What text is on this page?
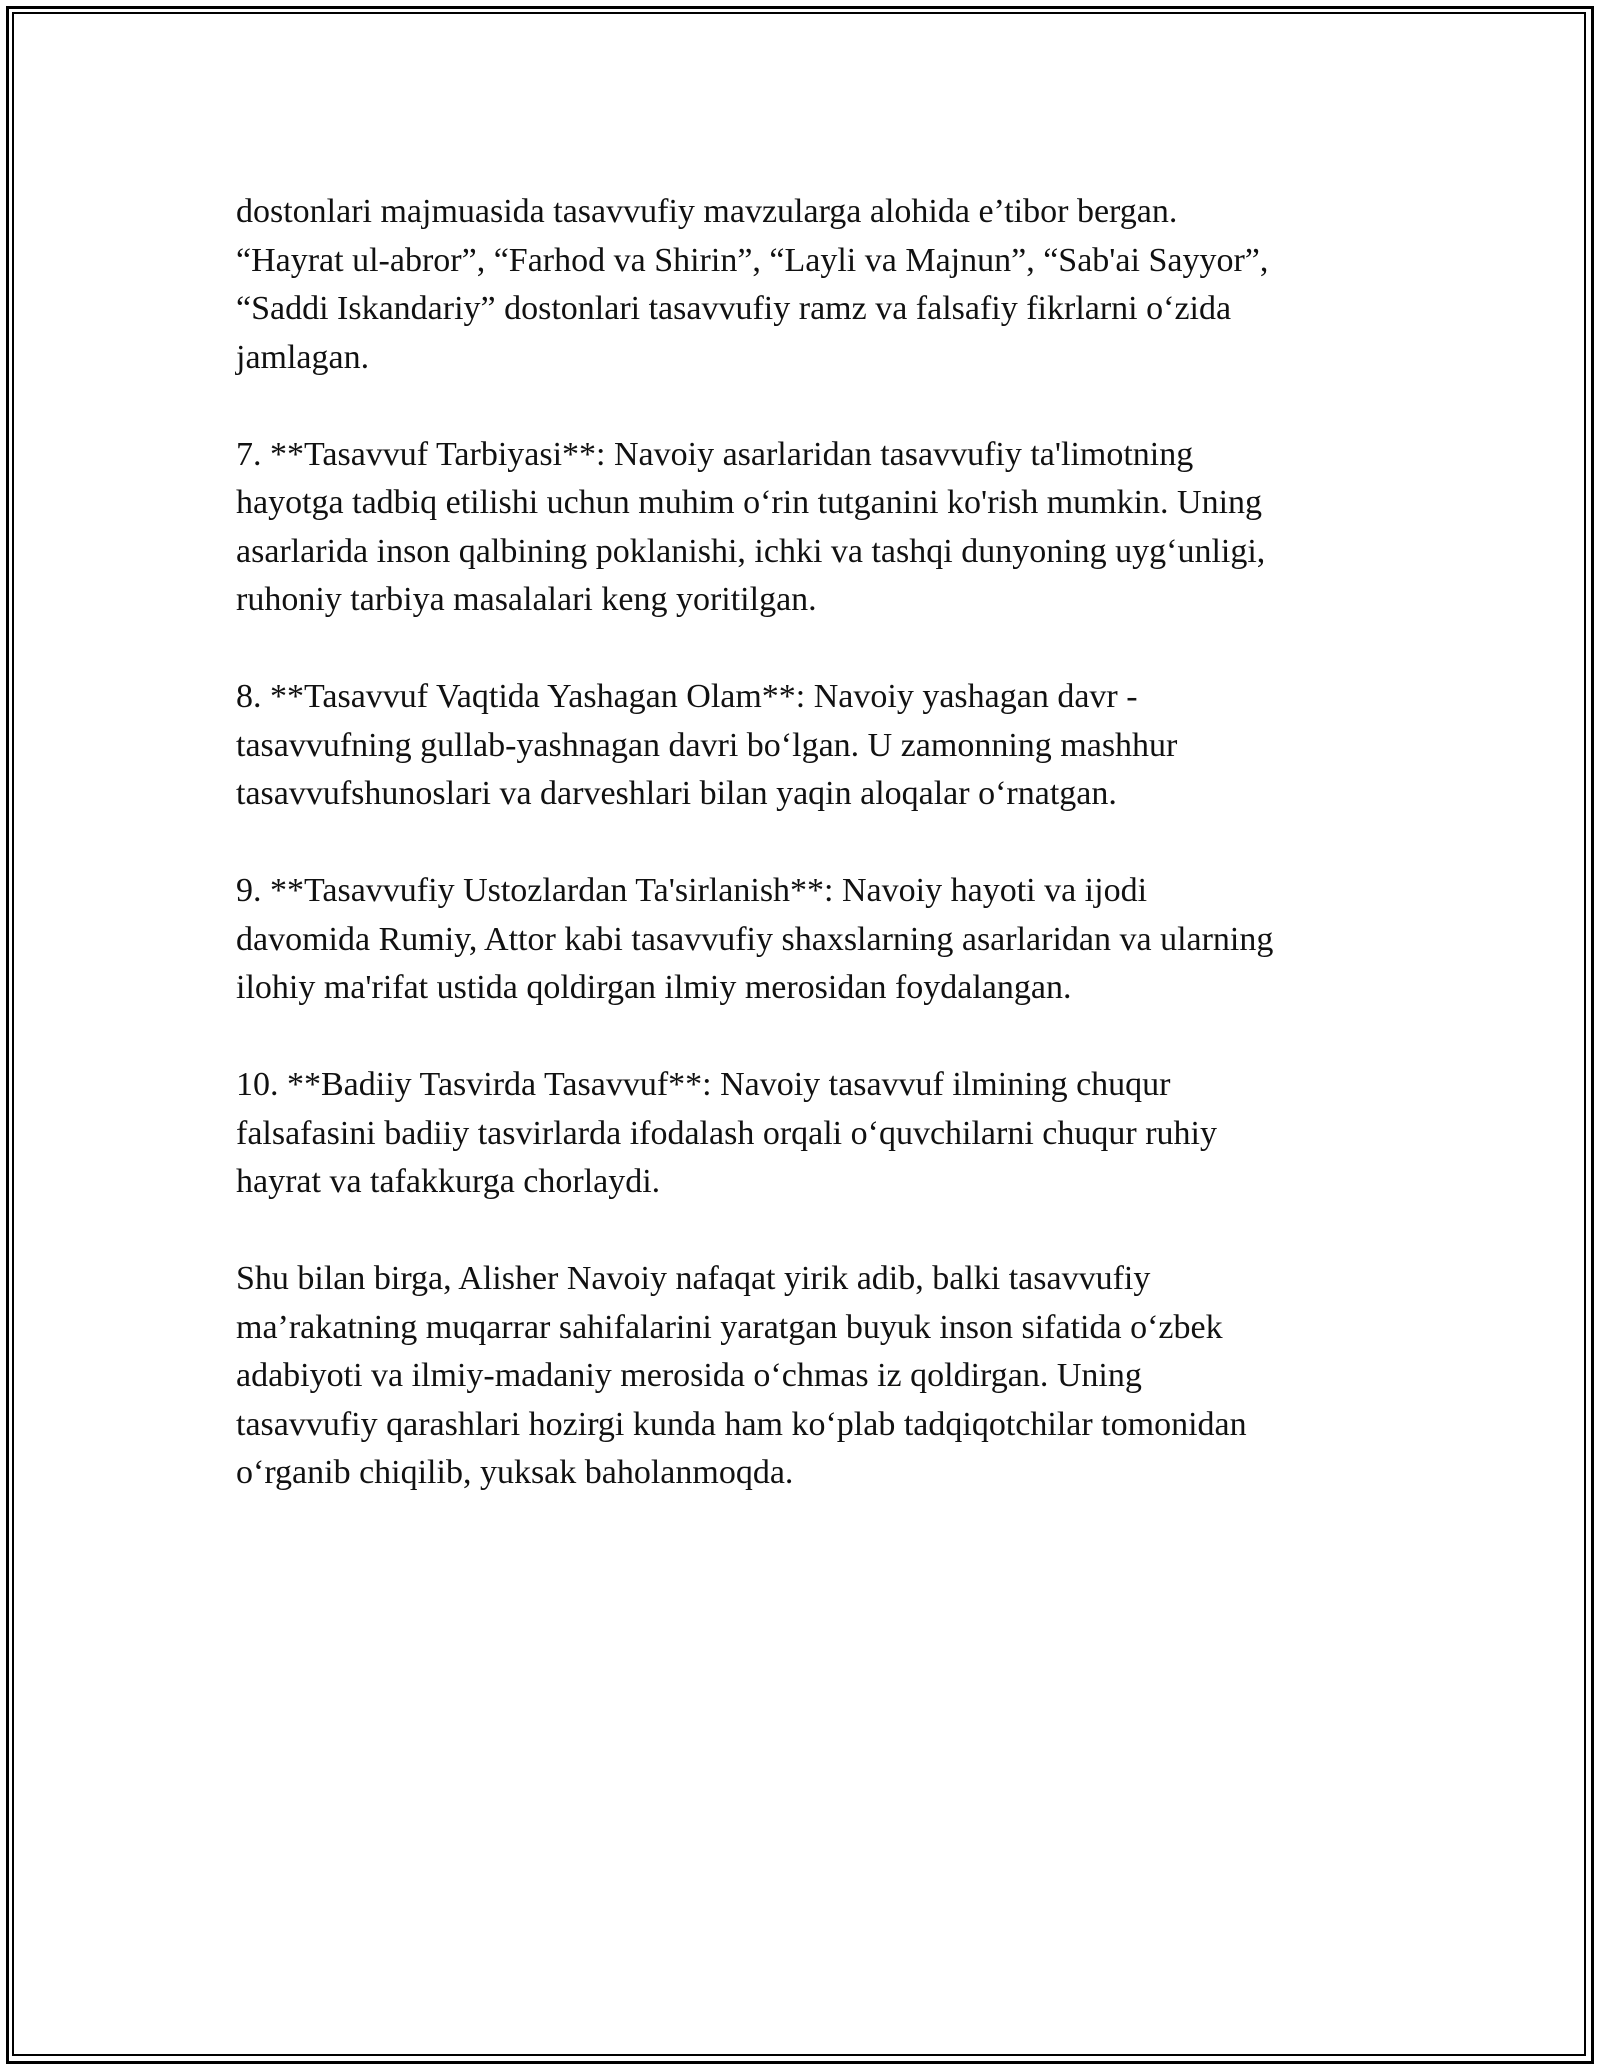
dostonlari majmuasida tasavvufiy mavzularga alohida e’tibor bergan.
“Hayrat ul-abror”, “Farhod va Shirin”, “Layli va Majnun”, “Sab'ai Sayyor”,
“Saddi Iskandariy” dostonlari tasavvufiy ramz va falsafiy fikrlarni o‘zida
jamlagan.

7. **Tasavvuf Tarbiyasi**: Navoiy asarlaridan tasavvufiy ta'limotning
hayotga tadbiq etilishi uchun muhim o‘rin tutganini ko'rish mumkin. Uning
asarlarida inson qalbining poklanishi, ichki va tashqi dunyoning uyg‘unligi,
ruhoniy tarbiya masalalari keng yoritilgan.

8. **Tasavvuf Vaqtida Yashagan Olam**: Navoiy yashagan davr -
tasavvufning gullab-yashnagan davri bo‘lgan. U zamonning mashhur
tasavvufshunoslari va darveshlari bilan yaqin aloqalar o‘rnatgan.

9. **Tasavvufiy Ustozlardan Ta'sirlanish**: Navoiy hayoti va ijodi
davomida Rumiy, Attor kabi tasavvufiy shaxslarning asarlaridan va ularning
ilohiy ma'rifat ustida qoldirgan ilmiy merosidan foydalangan.

10. **Badiiy Tasvirda Tasavvuf**: Navoiy tasavvuf ilmining chuqur
falsafasini badiiy tasvirlarda ifodalash orqali o‘quvchilarni chuqur ruhiy
hayrat va tafakkurga chorlaydi.

Shu bilan birga, Alisher Navoiy nafaqat yirik adib, balki tasavvufiy
ma’rakatning muqarrar sahifalarini yaratgan buyuk inson sifatida o‘zbek
adabiyoti va ilmiy-madaniy merosida o‘chmas iz qoldirgan. Uning
tasavvufiy qarashlari hozirgi kunda ham ko‘plab tadqiqotchilar tomonidan
o‘rganib chiqilib, yuksak baholanmoqda.
